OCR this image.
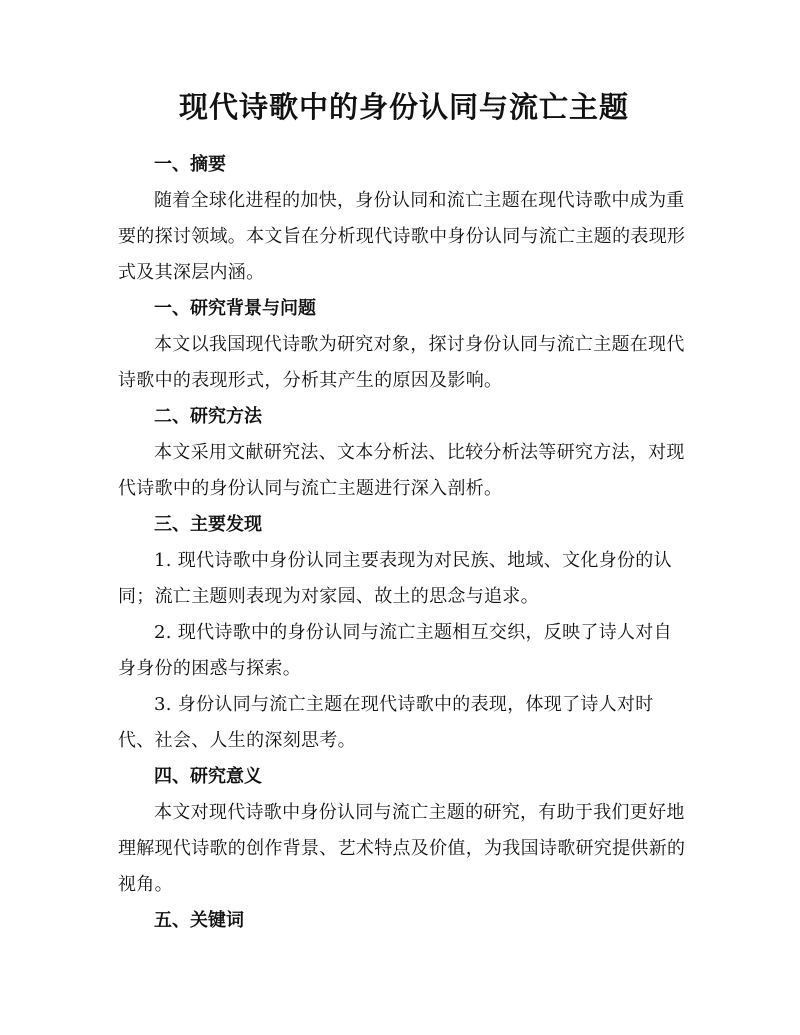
现代诗歌中的身份认同与流亡主题
一、摘要

随着全球化进程的加快，身份认同和流亡主题在现代诗歌中成为重要的探讨领域。本文旨在分析现代诗歌中身份认同与流亡主题的表现形式及其深层内涵。

一、研究背景与问题

本文以我国现代诗歌为研究对象，探讨身份认同与流亡主题在现代诗歌中的表现形式，分析其产生的原因及影响。

二、研究方法

本文采用文献研究法、文本分析法、比较分析法等研究方法，对现代诗歌中的身份认同与流亡主题进行深入剖析。

三、主要发现

1. 现代诗歌中身份认同主要表现为对民族、地域、文化身份的认同；流亡主题则表现为对家园、故土的思念与追求。

2. 现代诗歌中的身份认同与流亡主题相互交织，反映了诗人对自身身份的困惑与探索。

3. 身份认同与流亡主题在现代诗歌中的表现，体现了诗人对时代、社会、人生的深刻思考。

四、研究意义

本文对现代诗歌中身份认同与流亡主题的研究，有助于我们更好地理解现代诗歌的创作背景、艺术特点及价值，为我国诗歌研究提供新的视角。

五、关键词
